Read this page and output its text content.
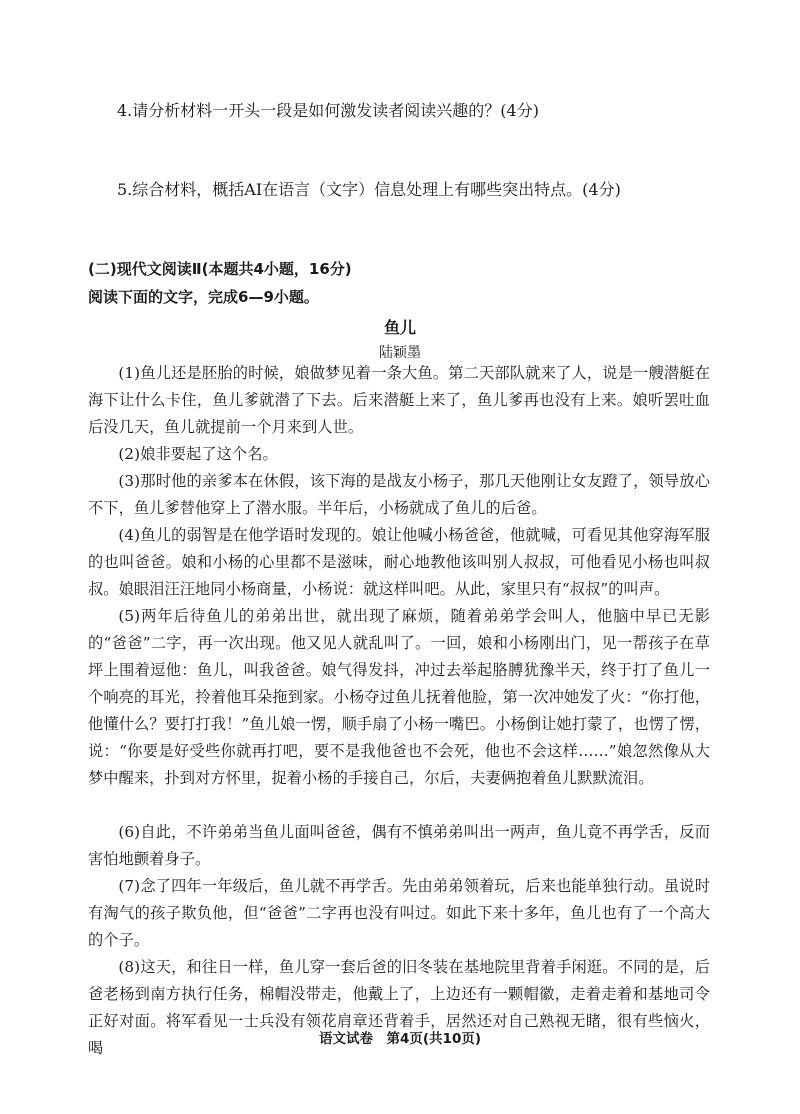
4.请分析材料一开头一段是如何激发读者阅读兴趣的？(4分)
5.综合材料，概括AI在语言（文字）信息处理上有哪些突出特点。(4分)
(二)现代文阅读Ⅱ(本题共4小题，16分)
阅读下面的文字，完成6—9小题。
鱼儿
陆颖墨

(1)鱼儿还是胚胎的时候，娘做梦见着一条大鱼。第二天部队就来了人，说是一艘潜艇在海下让什么卡住，鱼儿爹就潜了下去。后来潜艇上来了，鱼儿爹再也没有上来。娘听罢吐血后没几天，鱼儿就提前一个月来到人世。

(2)娘非要起了这个名。

(3)那时他的亲爹本在休假，该下海的是战友小杨子，那几天他刚让女友蹬了，领导放心不下，鱼儿爹替他穿上了潜水服。半年后，小杨就成了鱼儿的后爸。

(4)鱼儿的弱智是在他学语时发现的。娘让他喊小杨爸爸，他就喊，可看见其他穿海军服的也叫爸爸。娘和小杨的心里都不是滋味，耐心地教他该叫别人叔叔，可他看见小杨也叫叔叔。娘眼泪汪汪地同小杨商量，小杨说：就这样叫吧。从此，家里只有“叔叔”的叫声。

(5)两年后待鱼儿的弟弟出世，就出现了麻烦，随着弟弟学会叫人，他脑中早已无影的“爸爸”二字，再一次出现。他又见人就乱叫了。一回，娘和小杨刚出门，见一帮孩子在草坪上围着逗他：鱼儿，叫我爸爸。娘气得发抖，冲过去举起胳膊犹豫半天，终于打了鱼儿一个响亮的耳光，拎着他耳朵拖到家。小杨夺过鱼儿抚着他脸，第一次冲她发了火：“你打他，他懂什么？要打打我！”鱼儿娘一愣，顺手扇了小杨一嘴巴。小杨倒让她打蒙了，也愣了愣，说：“你要是好受些你就再打吧，要不是我他爸也不会死，他也不会这样……”娘忽然像从大梦中醒来，扑到对方怀里，捉着小杨的手接自己，尔后，夫妻俩抱着鱼儿默默流泪。

(6)自此，不许弟弟当鱼儿面叫爸爸，偶有不慎弟弟叫出一两声，鱼儿竟不再学舌，反而害怕地颤着身子。

(7)念了四年一年级后，鱼儿就不再学舌。先由弟弟领着玩，后来也能单独行动。虽说时有淘气的孩子欺负他，但“爸爸”二字再也没有叫过。如此下来十多年，鱼儿也有了一个高大的个子。

(8)这天，和往日一样，鱼儿穿一套后爸的旧冬装在基地院里背着手闲逛。不同的是，后爸老杨到南方执行任务，棉帽没带走，他戴上了，上边还有一颗帽徽，走着走着和基地司令正好对面。将军看见一士兵没有领花肩章还背着手，居然还对自己熟视无睹，很有些恼火，喝	语文试卷　第4页(共10页)
